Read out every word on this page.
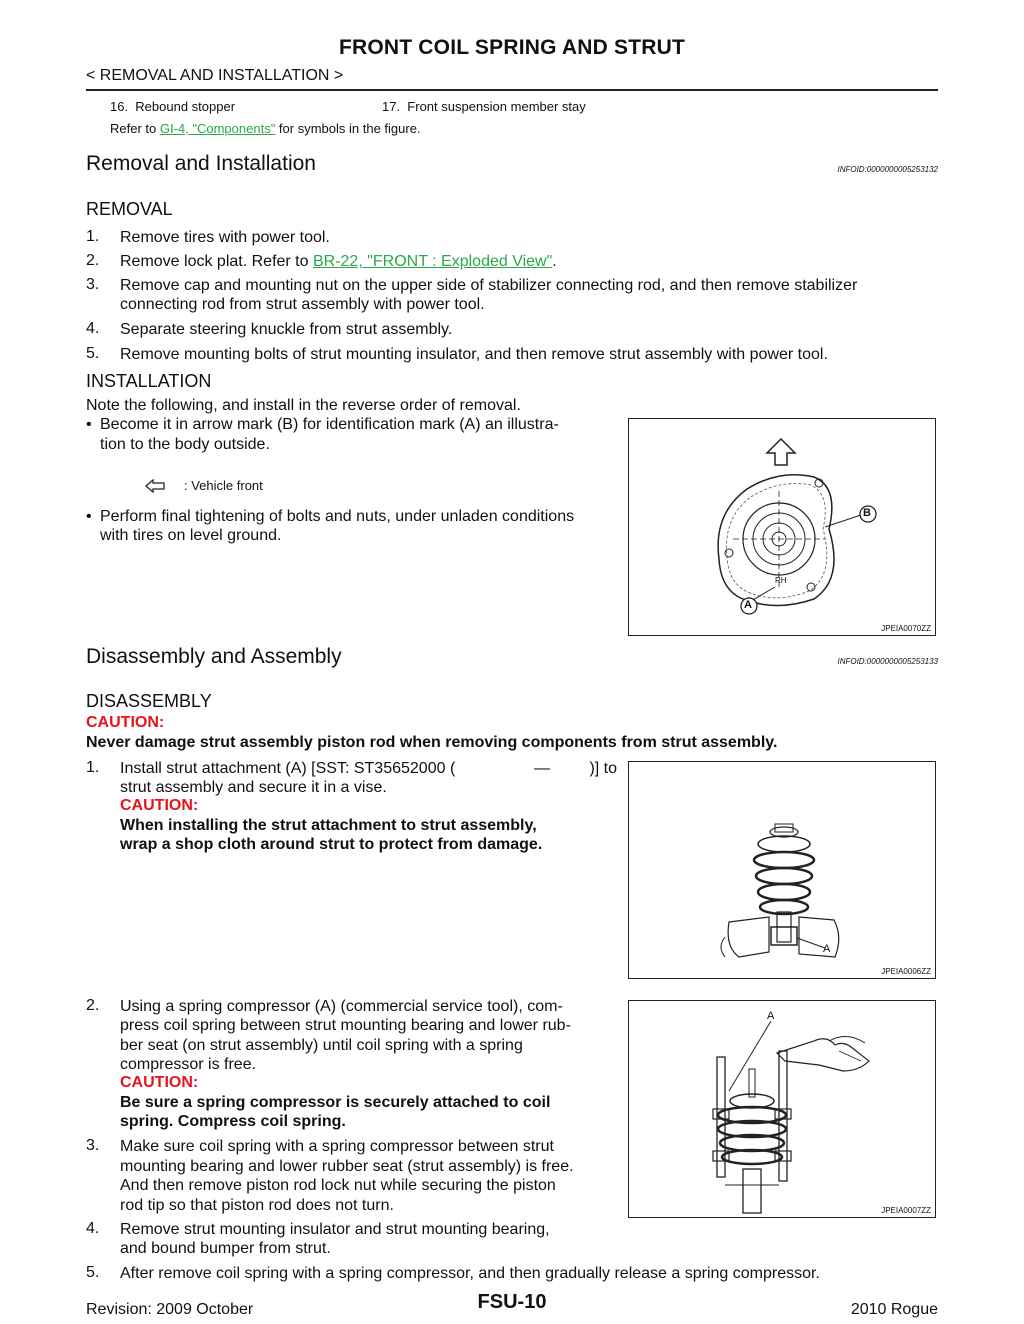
FRONT COIL SPRING AND STRUT
< REMOVAL AND INSTALLATION >
16.  Rebound stopper	17.  Front suspension member stay
Refer to GI-4, "Components" for symbols in the figure.
Removal and Installation	INFOID:0000000005253132
REMOVAL
1. Remove tires with power tool.
2. Remove lock plat. Refer to BR-22, "FRONT : Exploded View".
3. Remove cap and mounting nut on the upper side of stabilizer connecting rod, and then remove stabilizer
connecting rod from strut assembly with power tool.
4. Separate steering knuckle from strut assembly.
5. Remove mounting bolts of strut mounting insulator, and then remove strut assembly with power tool.
INSTALLATION
Note the following, and install in the reverse order of removal.
• Become it in arrow mark (B) for identification mark (A) an illustra-
tion to the body outside.
: Vehicle front
• Perform final tightening of bolts and nuts, under unladen conditions
with tires on level ground.
B
A
RH
JPEIA0070ZZ
Disassembly and Assembly	INFOID:0000000005253133
DISASSEMBLY
CAUTION:
Never damage strut assembly piston rod when removing components from strut assembly.
1. Install strut attachment (A) [SST: ST35652000 (	— )] to
strut assembly and secure it in a vise.
CAUTION:
When installing the strut attachment to strut assembly,
wrap a shop cloth around strut to protect from damage.
A
JPEIA0006ZZ
2. Using a spring compressor (A) (commercial service tool), com-
press coil spring between strut mounting bearing and lower rub-
ber seat (on strut assembly) until coil spring with a spring
compressor is free.
CAUTION:
Be sure a spring compressor is securely attached to coil
spring. Compress coil spring.
3. Make sure coil spring with a spring compressor between strut
mounting bearing and lower rubber seat (strut assembly) is free.
And then remove piston rod lock nut while securing the piston
rod tip so that piston rod does not turn.
4. Remove strut mounting insulator and strut mounting bearing,
and bound bumper from strut.
5. After remove coil spring with a spring compressor, and then gradually release a spring compressor.
A
JPEIA0007ZZ
Revision: 2009 October	FSU-10	2010 Rogue
